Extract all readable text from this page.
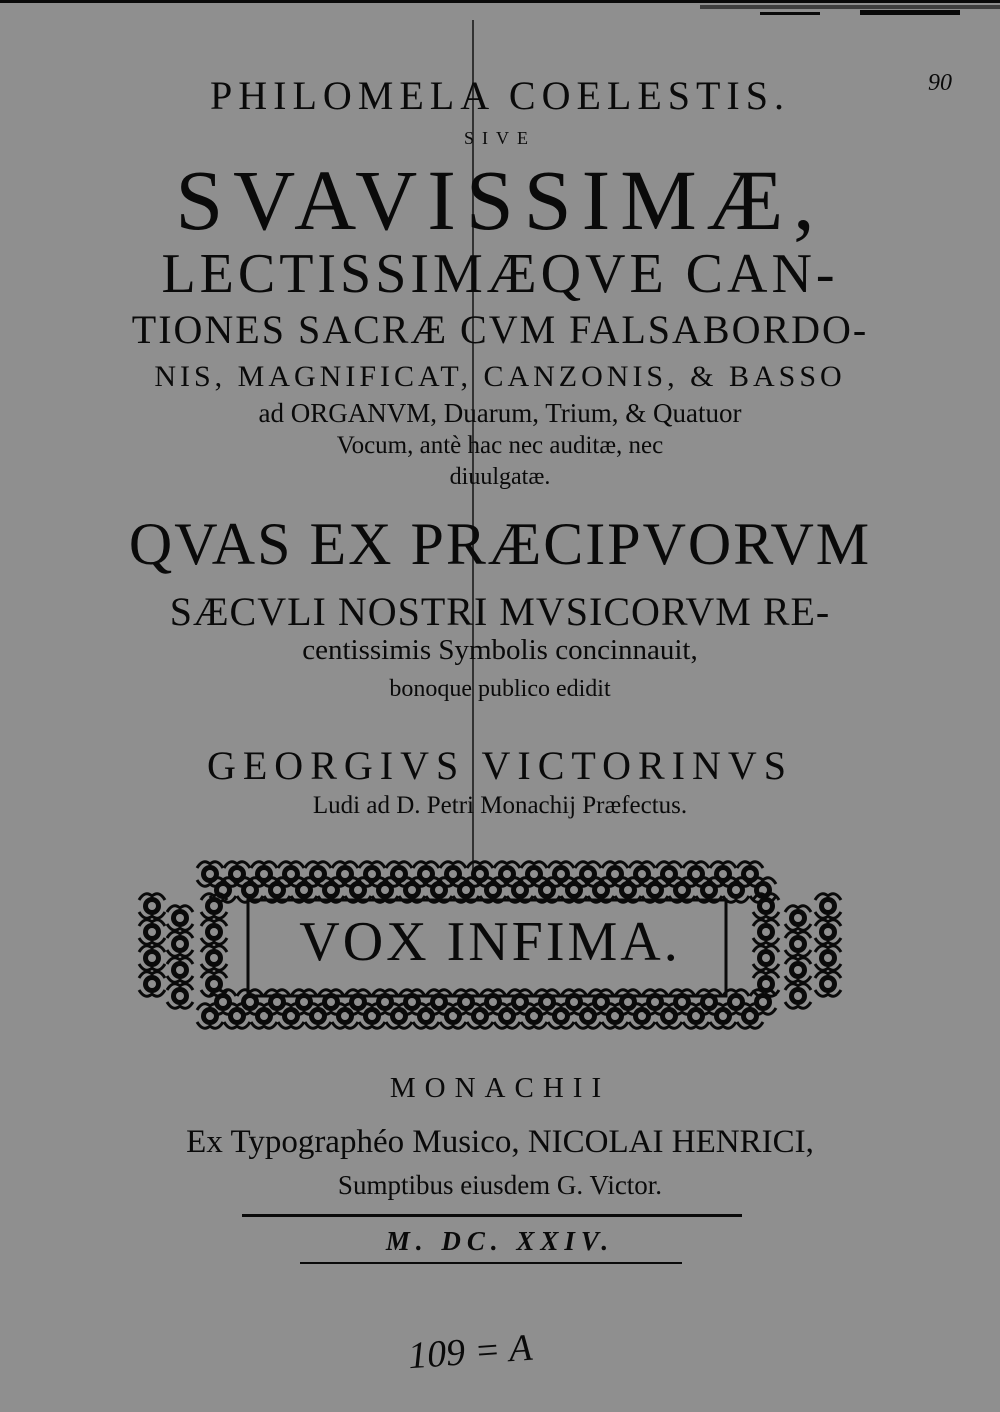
90
PHILOMELA COELESTIS.
SIVE
SVAVISSIMÆ,
LECTISSIMÆQVE CAN-
TIONES SACRÆ CVM FALSABORDO-
NIS, MAGNIFICAT, CANZONIS, & BASSO
ad ORGANVM, Duarum, Trium, & Quatuor
Vocum, antè hac nec auditæ, nec
diuulgatæ.
QVAS EX PRÆCIPVORVM
SÆCVLI NOSTRI MVSICORVM RE-
centissimis Symbolis concinnauit,
bonoque publico edidit
GEORGIVS VICTORINVS
Ludi ad D. Petri Monachij Præfectus.
VOX INFIMA.
MONACHII
Ex Typographéo Musico, NICOLAI HENRICI,
Sumptibus eiusdem G. Victor.
M. DC. XXIV.
109 = A
